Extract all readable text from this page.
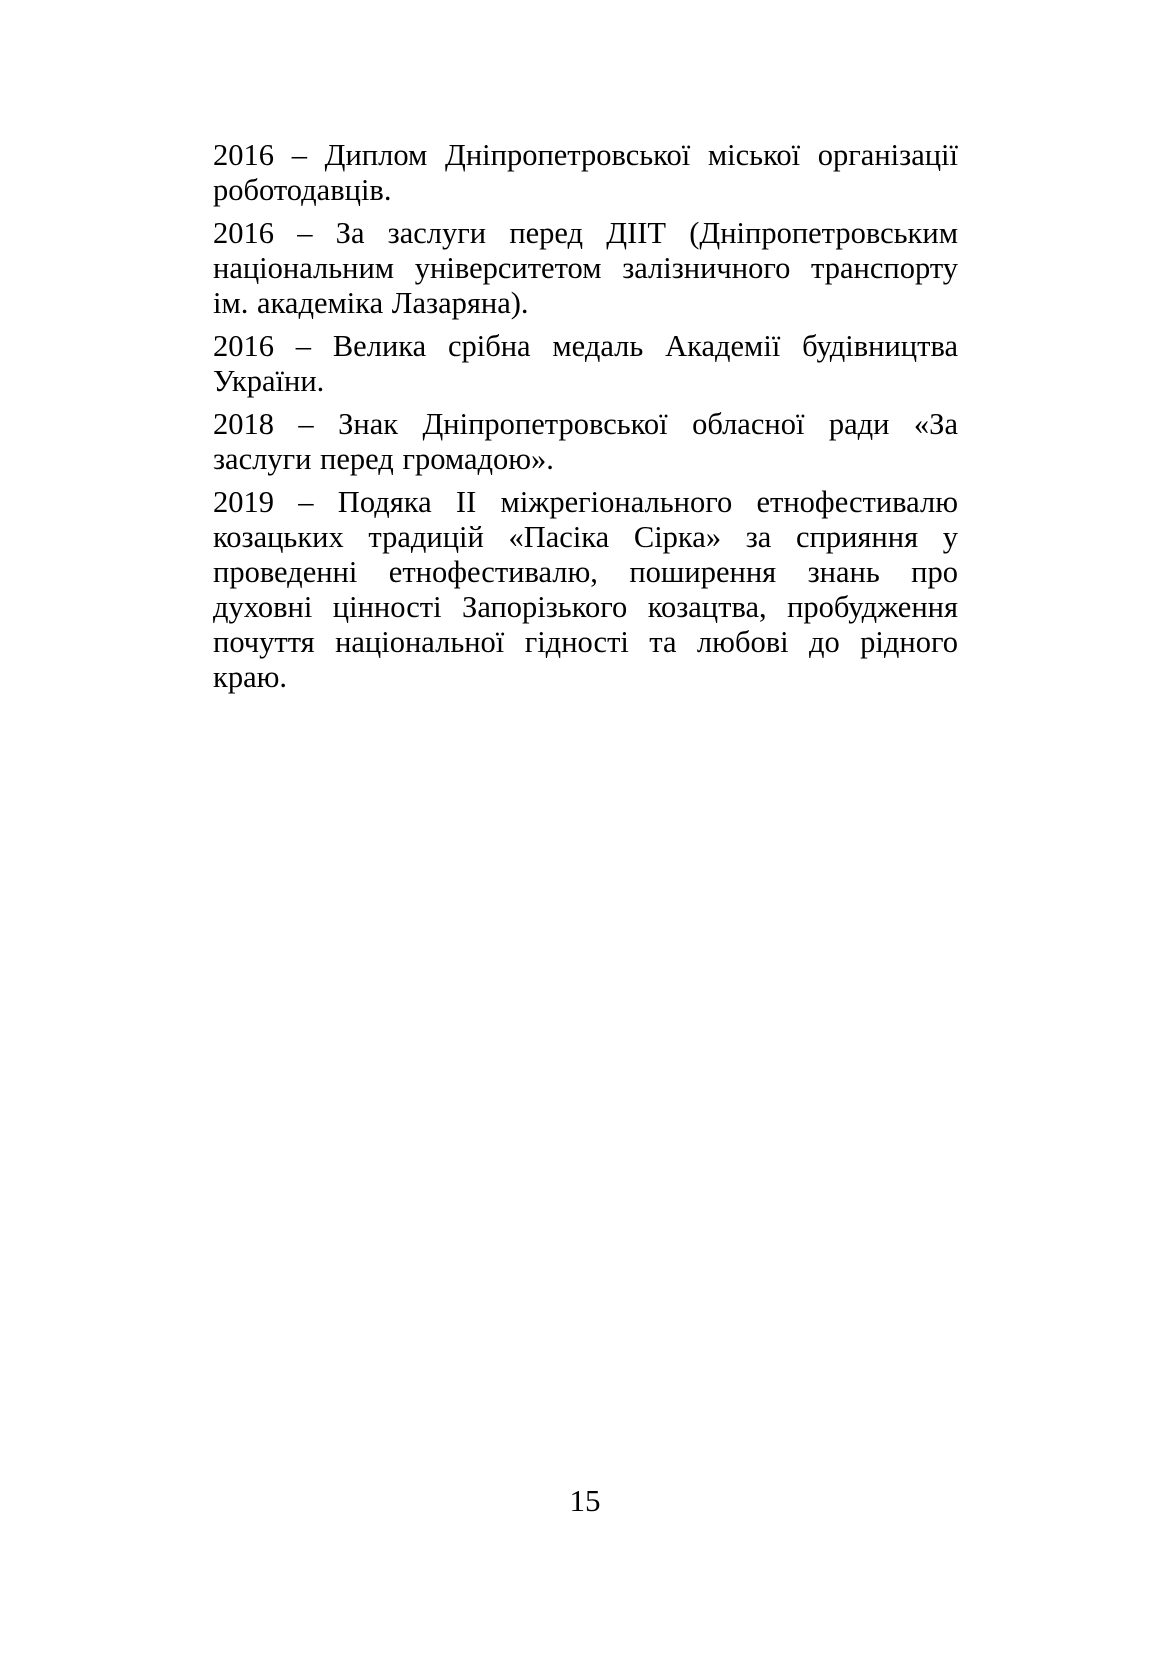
2016 – Диплом Дніпропетровської міської організації роботодавців.

2016 – За заслуги перед ДІІТ (Дніпропетровським національним університетом залізничного транспорту ім. академіка Лазаряна).

2016 – Велика срібна медаль Академії будівництва України.

2018 – Знак Дніпропетровської обласної ради «За заслуги перед громадою».

2019 – Подяка II міжрегіонального етнофестивалю козацьких традицій «Пасіка Сірка» за сприяння у проведенні етнофестивалю, поширення знань про духовні цінності Запорізького козацтва, пробудження почуття національної гідності та любові до рідного краю.

15
